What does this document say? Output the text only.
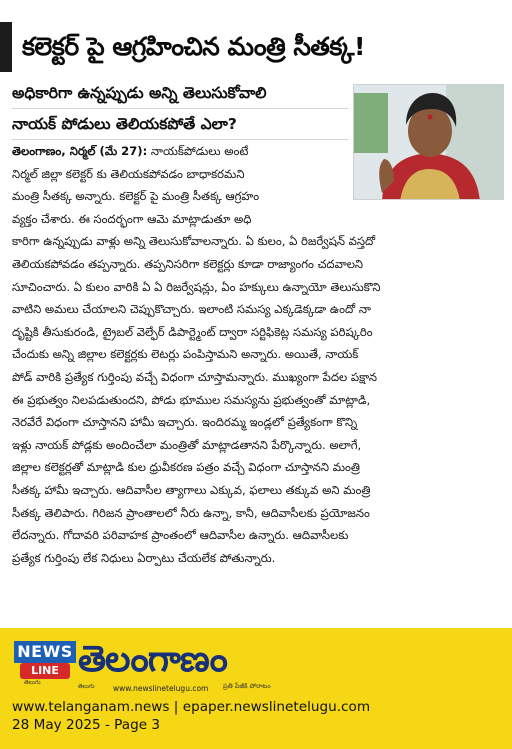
కలెక్టర్ పై ఆగ్రహించిన మంత్రి సీతక్క!
అధికారిగా ఉన్నప్పుడు అన్ని తెలుసుకోవాలి
నాయక్ పోడులు తెలియకపోతే ఎలా?
తెలంగాణం, నిర్మల్ (మే 27): నాయక్‌పోడులు అంటే
నిర్మల్ జిల్లా కలెక్టర్ కు తెలియకపోవడం బాధాకరమని
మంత్రి సీతక్క అన్నారు. కలెక్టర్ పై మంత్రి సీతక్క ఆగ్రహం
వ్యక్తం చేశారు. ఈ సందర్భంగా ఆమె మాట్లాడుతూ అధి
కారిగా ఉన్నప్పుడు వాళ్లు అన్ని తెలుసుకోవాలన్నారు. ఏ కులం, ఏ రిజర్వేషన్ వస్తదో
తెలియకపోవడం తప్పన్నారు. తప్పనిసరిగా కలెక్టర్లు కూడా రాజ్యాంగం చదవాలని
సూచించారు. ఏ కులం వారికి ఏ ఏ రిజర్వేషన్లు, ఏం హక్కులు ఉన్నాయో తెలుసుకొని
వాటిని అమలు చేయాలని చెప్పుకొచ్చారు. ఇలాంటి సమస్య ఎక్కడెక్కడా ఉందో నా
దృష్టికి తీసుకురండి, ట్రైబల్ వెల్ఫేర్ డిపార్ట్మెంట్ ద్వారా సర్టిఫికెట్ల సమస్య పరిష్కరిం
చేందుకు అన్ని జిల్లాల కలెక్టర్లకు లెటర్లు పంపిస్తామని అన్నారు. అయితే, నాయక్
పోడ్ వారికి ప్రత్యేక గుర్తింపు వచ్చే విధంగా చూస్తామన్నారు. ముఖ్యంగా పేదల పక్షాన
ఈ ప్రభుత్వం నిలపడుతుందని, పోడు భూముల సమస్యను ప్రభుత్వంతో మాట్లాడి,
నెరవేరే విధంగా చూస్తానని హామీ ఇచ్చారు. ఇందిరమ్మ ఇండ్లలో ప్రత్యేకంగా కొన్ని
ఇళ్లు నాయక్ పోడ్లకు అందించేలా మంత్రితో మాట్లాడతానని పేర్కొన్నారు. అలాగే,
జిల్లాల కలెక్టర్లతో మాట్లాడి కుల ధ్రువీకరణ పత్రం వచ్చే విధంగా చూస్తానని మంత్రి
సీతక్క హామీ ఇచ్చారు. ఆదివాసీల త్యాగాలు ఎక్కువ, ఫలాలు తక్కువ అని మంత్రి
సీతక్క తెలిపారు. గిరిజన ప్రాంతాలలో నీరు ఉన్నా, కానీ, ఆదివాసీలకు ప్రయోజనం
లేదన్నారు. గోదావరి పరివాహక ప్రాంతంలో ఆదివాసీల ఉన్నారు. ఆదివాసీలకు
ప్రత్యేక గుర్తింపు లేక నిధులు ఏర్పాటు చేయలేక పోతున్నారు.
NEWS
LINE
తెలుగు
తెలంగాణం
తెలుగు www.newslinetelugu.com ప్రతి పేజీకి పోరాటం
www.telanganam.news | epaper.newslinetelugu.com
28 May 2025 - Page 3
